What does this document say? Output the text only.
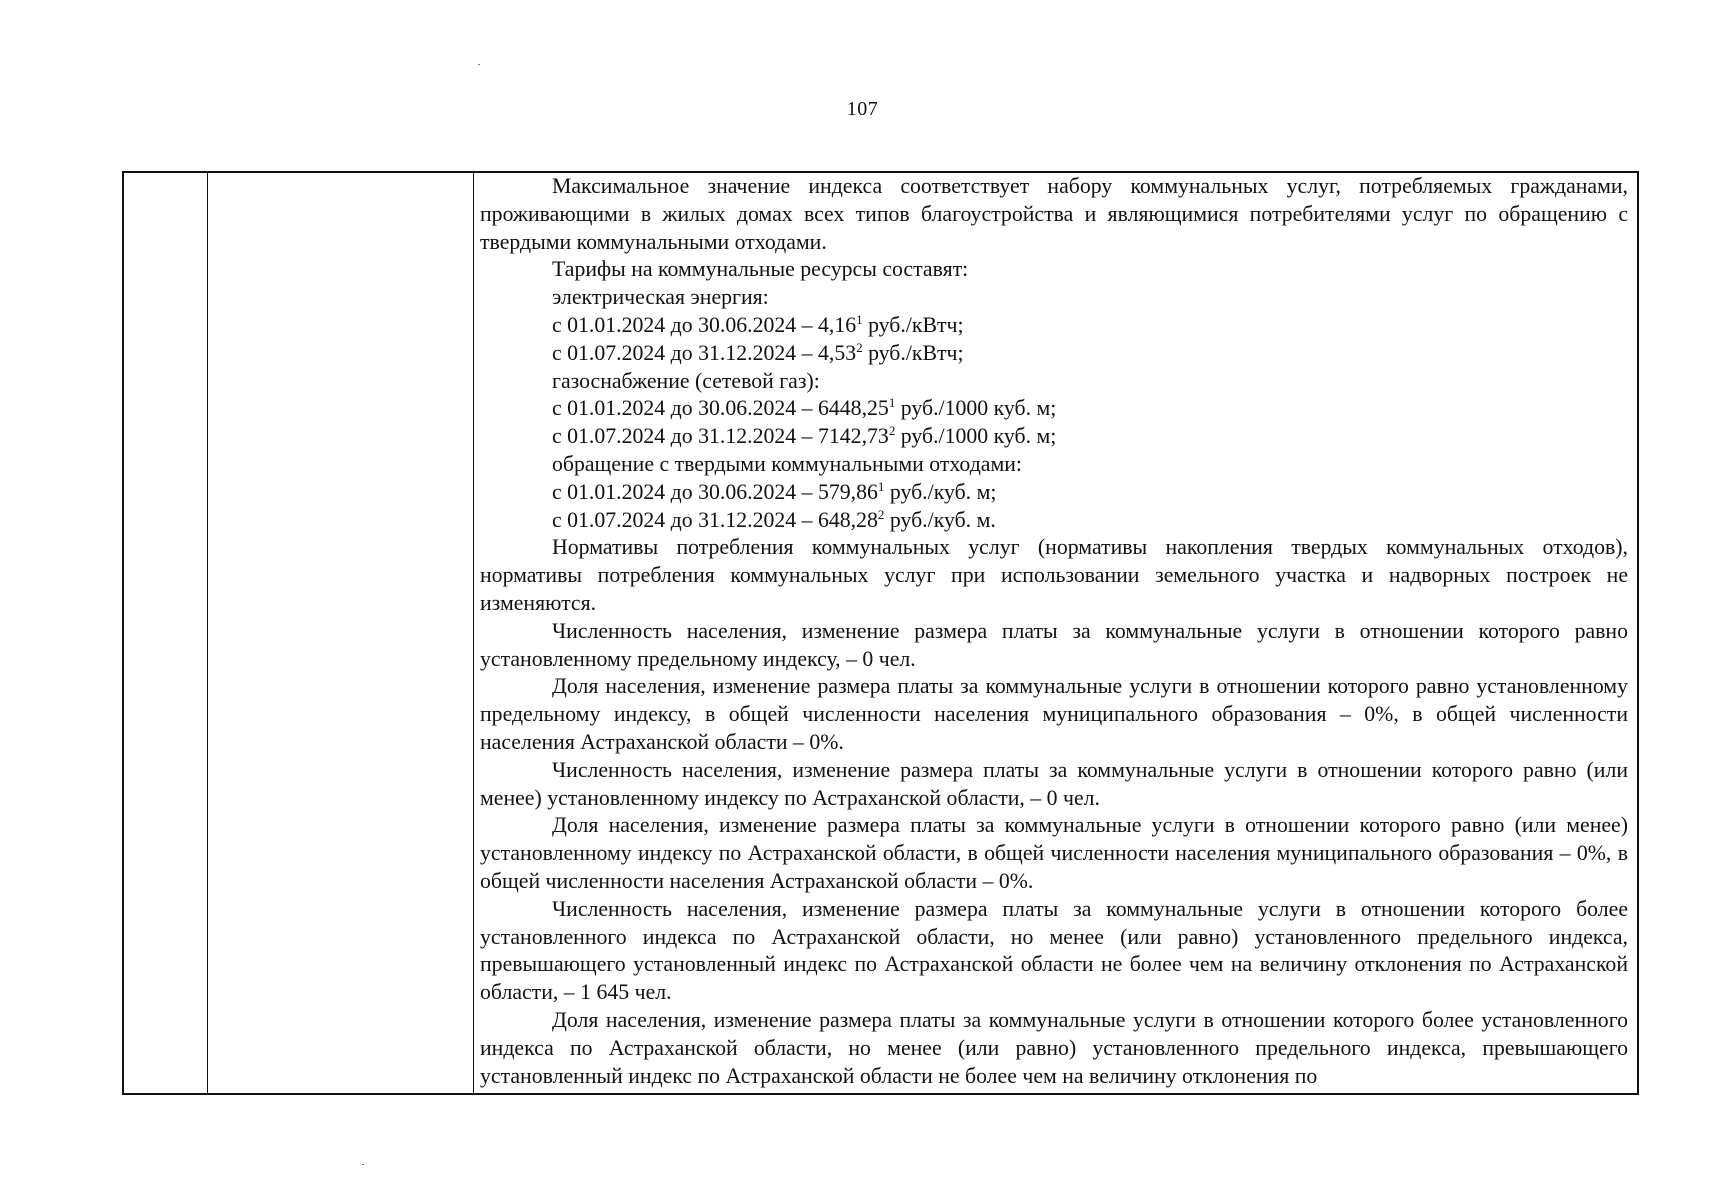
107

Максимальное значение индекса соответствует набору коммунальных услуг, потребляемых гражданами, проживающими в жилых домах всех типов благоустройства и являющимися потребителями услуг по обращению с твердыми коммунальными отходами.

Тарифы на коммунальные ресурсы составят:

электрическая энергия:

с 01.01.2024 до 30.06.2024 – 4,16$^1$ руб./кВтч;

с 01.07.2024 до 31.12.2024 – 4,53$^2$ руб./кВтч;

газоснабжение (сетевой газ):

с 01.01.2024 до 30.06.2024 – 6448,25$^1$ руб./1000 куб. м;

с 01.07.2024 до 31.12.2024 – 7142,73$^2$ руб./1000 куб. м;

обращение с твердыми коммунальными отходами:

с 01.01.2024 до 30.06.2024 – 579,86$^1$ руб./куб. м;

с 01.07.2024 до 31.12.2024 – 648,28$^2$ руб./куб. м.

Нормативы потребления коммунальных услуг (нормативы накопления твердых коммунальных отходов), нормативы потребления коммунальных услуг при использовании земельного участка и надворных построек не изменяются.

Численность населения, изменение размера платы за коммунальные услуги в отношении которого равно установленному предельному индексу, – 0 чел.

Доля населения, изменение размера платы за коммунальные услуги в отношении которого равно установленному предельному индексу, в общей численности населения муниципального образования – 0%, в общей численности населения Астраханской области – 0%.

Численность населения, изменение размера платы за коммунальные услуги в отношении которого равно (или менее) установленному индексу по Астраханской области, – 0 чел.

Доля населения, изменение размера платы за коммунальные услуги в отношении которого равно (или менее) установленному индексу по Астраханской области, в общей численности населения муниципального образования – 0%, в общей численности населения Астраханской области – 0%.

Численность населения, изменение размера платы за коммунальные услуги в отношении которого более установленного индекса по Астраханской области, но менее (или равно) установленного предельного индекса, превышающего установленный индекс по Астраханской области не более чем на величину отклонения по Астраханской области, – 1 645 чел.

Доля населения, изменение размера платы за коммунальные услуги в отношении которого более установленного индекса по Астраханской области, но менее (или равно) установленного предельного индекса, превышающего установленный индекс по Астраханской области не более чем на величину отклонения по
